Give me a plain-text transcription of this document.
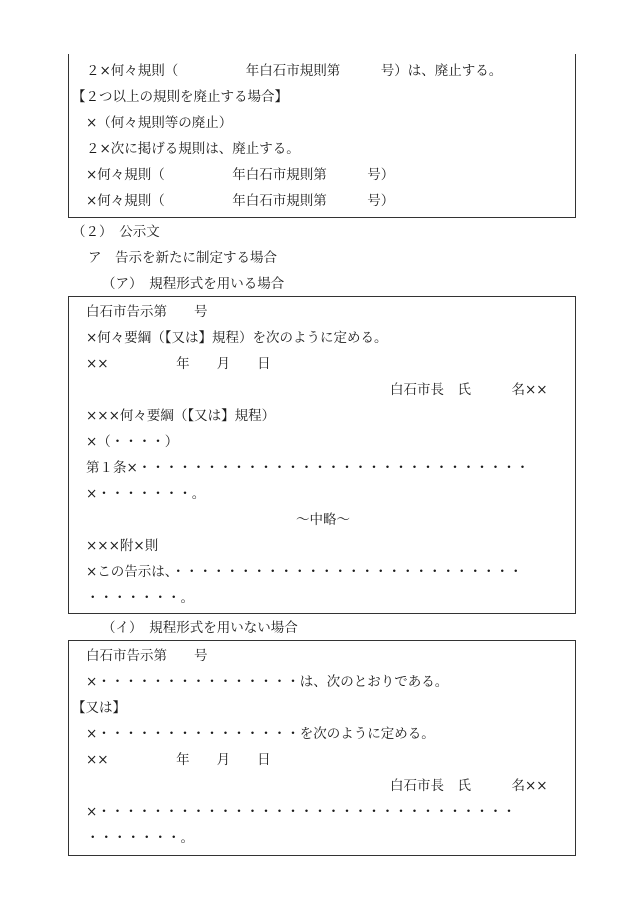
２×何々規則（　　　　　年白石市規則第　　　号）は、廃止する。
【２つ以上の規則を廃止する場合】
×（何々規則等の廃止）
２×次に掲げる規則は、廃止する。
×何々規則（　　　　　年白石市規則第　　　号）
×何々規則（　　　　　年白石市規則第　　　号）
（２）　公示文
ア　告示を新たに制定する場合
（ア）　規程形式を用いる場合
白石市告示第　　号
×何々要綱（【又は】規程）を次のように定める。
××　　　　　年　　月　　日
白石市長　氏　　　名××
×××何々要綱（【又は】規程）
×（・・・・）
第１条×・・・・・・・・・・・・・・・・・・・・・・・・・・・・・
×・・・・・・・。
～中略～
×××附×則
×この告示は、・・・・・・・・・・・・・・・・・・・・・・・・・・
・・・・・・・。
（イ）　規程形式を用いない場合
白石市告示第　　号
×・・・・・・・・・・・・・・・は、次のとおりである。
【又は】
×・・・・・・・・・・・・・・・を次のように定める。
××　　　　　年　　月　　日
白石市長　氏　　　名××
×・・・・・・・・・・・・・・・・・・・・・・・・・・・・・・・
・・・・・・・。
